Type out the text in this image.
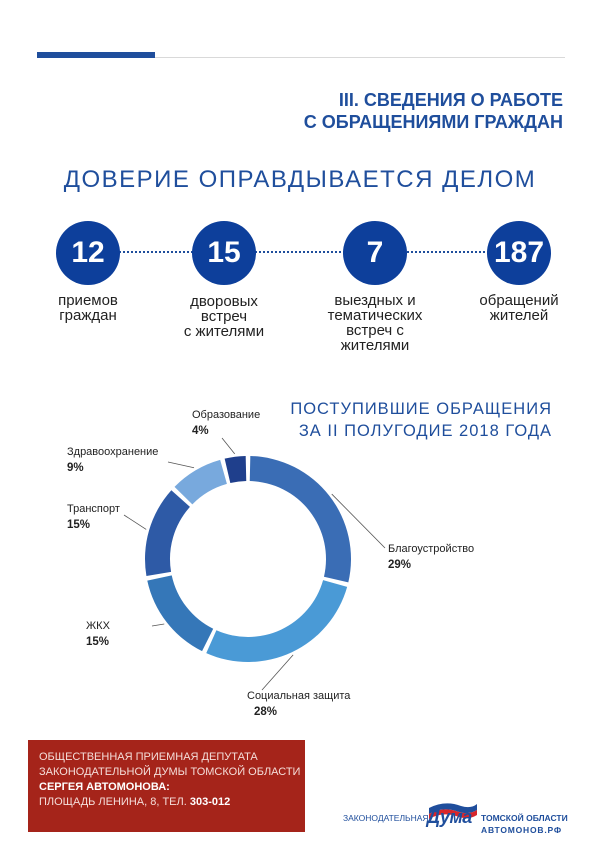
III. СВЕДЕНИЯ О РАБОТЕ
С ОБРАЩЕНИЯМИ ГРАЖДАН
ДОВЕРИЕ ОПРАВДЫВАЕТСЯ ДЕЛОМ
12
приемов
граждан
15
дворовых
встреч
с жителями
7
выездных и
тематических
встреч с
жителями
187
обращений
жителей
ПОСТУПИВШИЕ ОБРАЩЕНИЯ
ЗА II ПОЛУГОДИЕ 2018 ГОДА
Благоустройство
29%
Социальная защита
28%
ЖКХ
15%
Транспорт
15%
Здравоохранение
9%
Образование
4%
ОБЩЕСТВЕННАЯ ПРИЕМНАЯ ДЕПУТАТА
ЗАКОНОДАТЕЛЬНОЙ ДУМЫ ТОМСКОЙ ОБЛАСТИ
СЕРГЕЯ АВТОМОНОВА:
ПЛОЩАДЬ ЛЕНИНА, 8, ТЕЛ. 303-012
ЗАКОНОДАТЕЛЬНАЯ
Дума ТОМСКОЙ ОБЛАСТИ
АВТОМОНОВ.РФ
